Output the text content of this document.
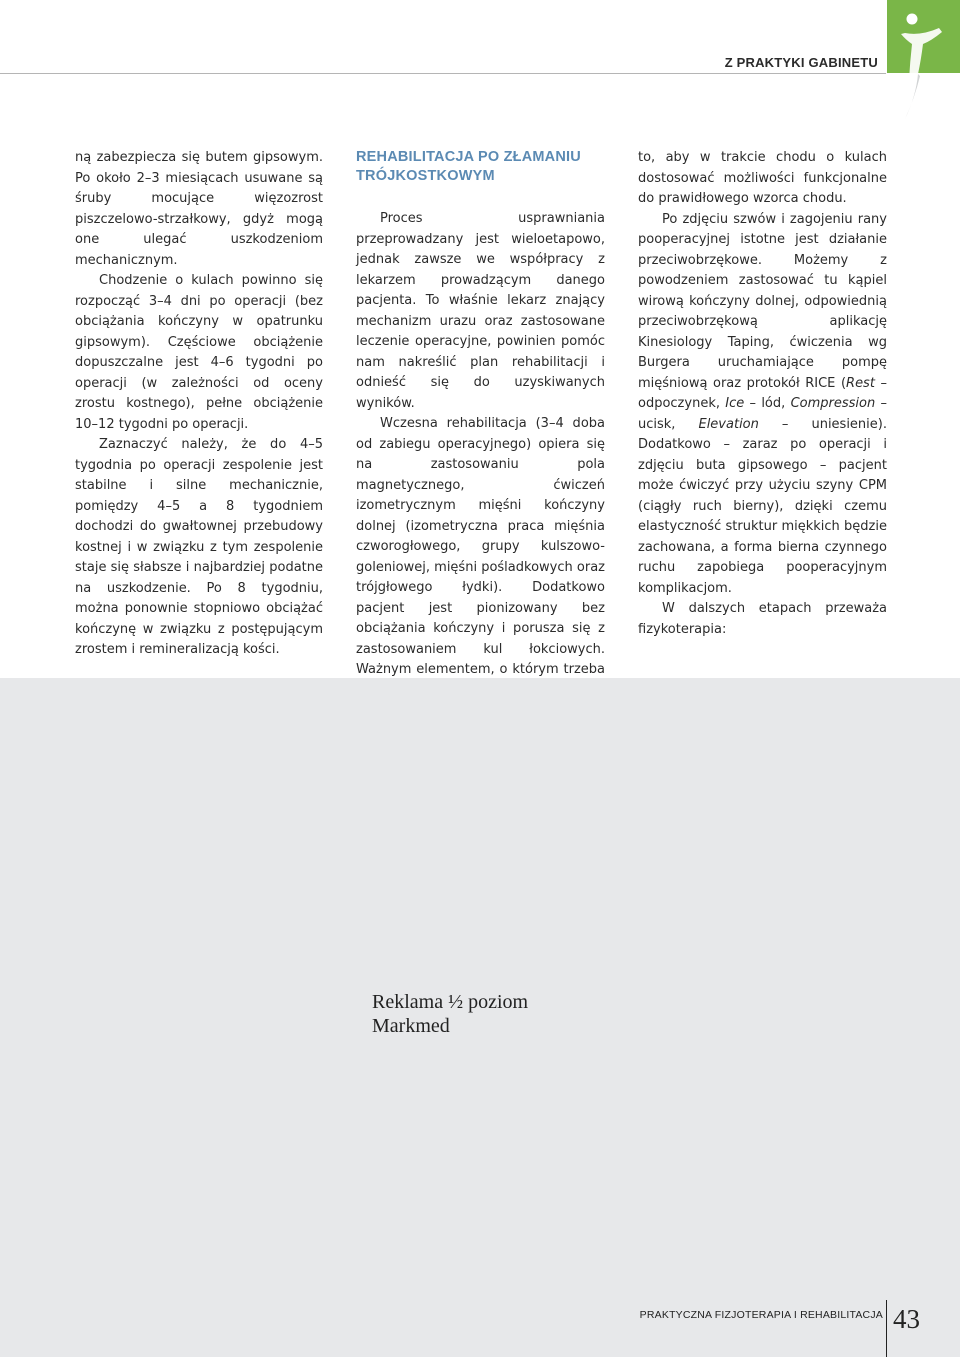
Z PRAKTYKI GABINETU

ną zabezpiecza się butem gipsowym. Po około 2–3 miesiącach usuwane są śruby mocujące więzozrost piszczelowo-strzałkowy, gdyż mogą one ulegać uszkodzeniom mechanicznym.

Chodzenie o kulach powinno się rozpocząć 3–4 dni po operacji (bez obciążania kończyny w opatrunku gipsowym). Częściowe obciążenie dopuszczalne jest 4–6 tygodni po operacji (w zależności od oceny zrostu kostnego), pełne obciążenie 10–12 tygodni po operacji.

Zaznaczyć należy, że do 4–5 tygodnia po operacji zespolenie jest stabilne i silne mechanicznie, pomiędzy 4–5 a 8 tygodniem dochodzi do gwałtownej przebudowy kostnej i w związku z tym zespolenie staje się słabsze i najbardziej podatne na uszkodzenie. Po 8 tygodniu, można ponownie stopniowo obciążać kończynę w związku z postępującym zrostem i remineralizacją kości.

REHABILITACJA PO ZŁAMANIU TRÓJKOSTKOWYM

Proces usprawniania przeprowadzany jest wieloetapowo, jednak zawsze we współpracy z lekarzem prowadzącym danego pacjenta. To właśnie lekarz znający mechanizm urazu oraz zastosowane leczenie operacyjne, powinien pomóc nam nakreślić plan rehabilitacji i odnieść się do uzyskiwanych wyników.

Wczesna rehabilitacja (3–4 doba od zabiegu operacyjnego) opiera się na zastosowaniu pola magnetycznego, ćwiczeń izometrycznym mięśni kończyny dolnej (izometryczna praca mięśnia czworogłowego, grupy kulszowo-goleniowej, mięśni pośladkowych oraz trójgłowego łydki). Dodatkowo pacjent jest pionizowany bez obciążania kończyny i porusza się z zastosowaniem kul łokciowych. Ważnym elementem, o którym trzeba

to, aby w trakcie chodu o kulach dostosować możliwości funkcjonalne do prawidłowego wzorca chodu.

Po zdjęciu szwów i zagojeniu rany pooperacyjnej istotne jest działanie przeciwobrzękowe. Możemy z powodzeniem zastosować tu kąpiel wirową kończyny dolnej, odpowiednią przeciwobrzękową aplikację Kinesiology Taping, ćwiczenia wg Burgera uruchamiające pompę mięśniową oraz protokół RICE (Rest – odpoczynek, Ice – lód, Compression – ucisk, Elevation – uniesienie). Dodatkowo – zaraz po operacji i zdjęciu buta gipsowego – pacjent może ćwiczyć przy użyciu szyny CPM (ciągły ruch bierny), dzięki czemu elastyczność struktur miękkich będzie zachowana, a forma bierna czynnego ruchu zapobiega pooperacyjnym komplikacjom.

W dalszych etapach przeważa fizykoterapia:

Reklama ½ poziom
Markmed
PRAKTYCZNA FIZJOTERAPIA I REHABILITACJA 43
